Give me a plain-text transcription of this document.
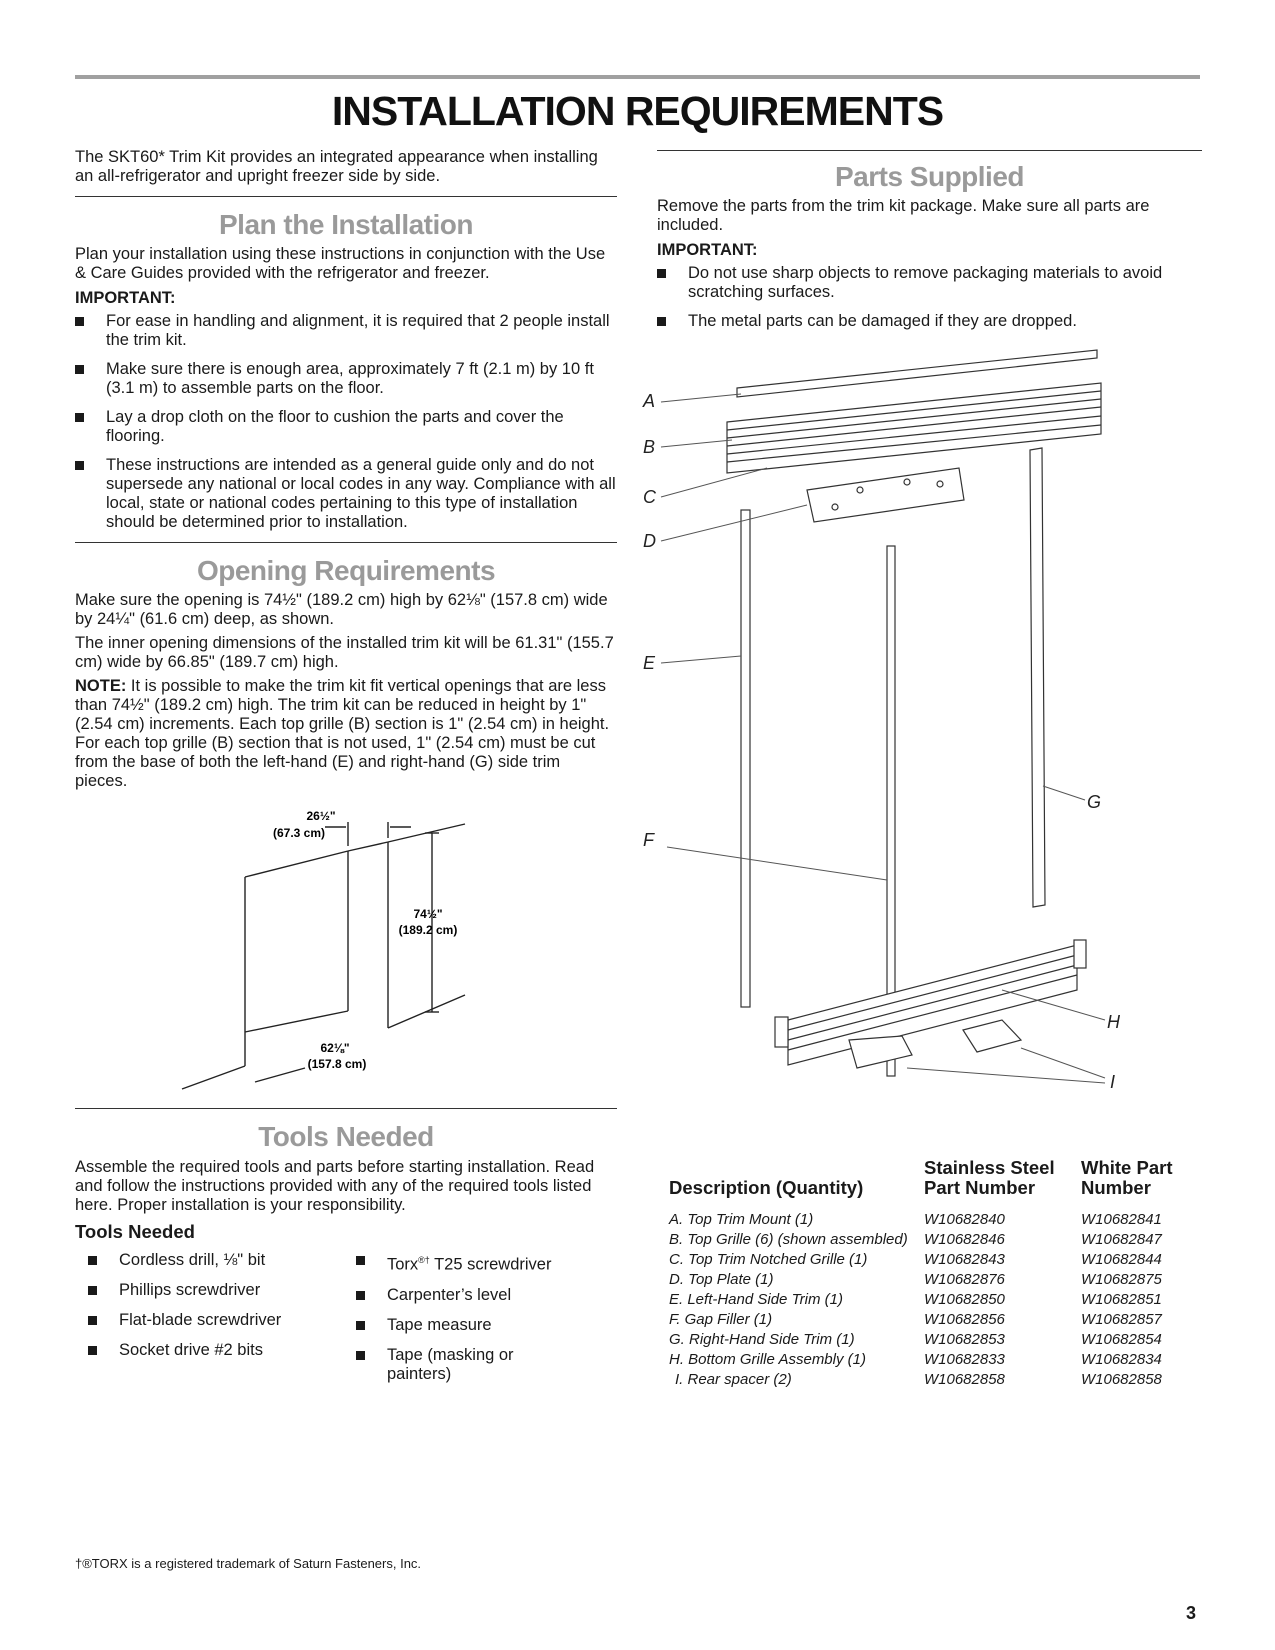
INSTALLATION REQUIREMENTS

The SKT60* Trim Kit provides an integrated appearance when installing an all-refrigerator and upright freezer side by side.

Plan the Installation

Plan your installation using these instructions in conjunction with the Use & Care Guides provided with the refrigerator and freezer.

IMPORTANT:
For ease in handling and alignment, it is required that 2 people install the trim kit.
Make sure there is enough area, approximately 7 ft (2.1 m) by 10 ft (3.1 m) to assemble parts on the floor.
Lay a drop cloth on the floor to cushion the parts and cover the flooring.
These instructions are intended as a general guide only and do not supersede any national or local codes in any way. Compliance with all local, state or national codes pertaining to this type of installation should be determined prior to installation.
Opening Requirements

Make sure the opening is 74½" (189.2 cm) high by 62⅛" (157.8 cm) wide by 24¼" (61.6 cm) deep, as shown.

The inner opening dimensions of the installed trim kit will be 61.31" (155.7 cm) wide by 66.85" (189.7 cm) high.

NOTE: It is possible to make the trim kit fit vertical openings that are less than 74½" (189.2 cm) high. The trim kit can be reduced in height by 1" (2.54 cm) increments. Each top grille (B) section is 1" (2.54 cm) in height. For each top grille (B) section that is not used, 1" (2.54 cm) must be cut from the base of both the left-hand (E) and right-hand (G) side trim pieces.

26½"
(67.3 cm)
74½"
(189.2 cm)
62⅛"
(157.8 cm)
Tools Needed

Assemble the required tools and parts before starting installation. Read and follow the instructions provided with any of the required tools listed here. Proper installation is your responsibility.

Tools Needed
Cordless drill, ⅛" bit
Phillips screwdriver
Flat-blade screwdriver
Socket drive #2 bits
Torx®† T25 screwdriver
Carpenter’s level
Tape measure
Tape (masking or painters)
Parts Supplied

Remove the parts from the trim kit package. Make sure all parts are included.

IMPORTANT:
Do not use sharp objects to remove packaging materials to avoid scratching surfaces.
The metal parts can be damaged if they are dropped.
A
B
C
D
E
F
G
H
I
Description (Quantity)	Stainless Steel Part Number	White Part Number
A. Top Trim Mount (1)	W10682840	W10682841
B. Top Grille (6) (shown assembled)	W10682846	W10682847
C. Top Trim Notched Grille (1)	W10682843	W10682844
D. Top Plate (1)	W10682876	W10682875
E. Left-Hand Side Trim (1)	W10682850	W10682851
F. Gap Filler (1)	W10682856	W10682857
G. Right-Hand Side Trim (1)	W10682853	W10682854
H. Bottom Grille Assembly (1)	W10682833	W10682834
I. Rear spacer (2)	W10682858	W10682858
†®TORX is a registered trademark of Saturn Fasteners, Inc.
3
